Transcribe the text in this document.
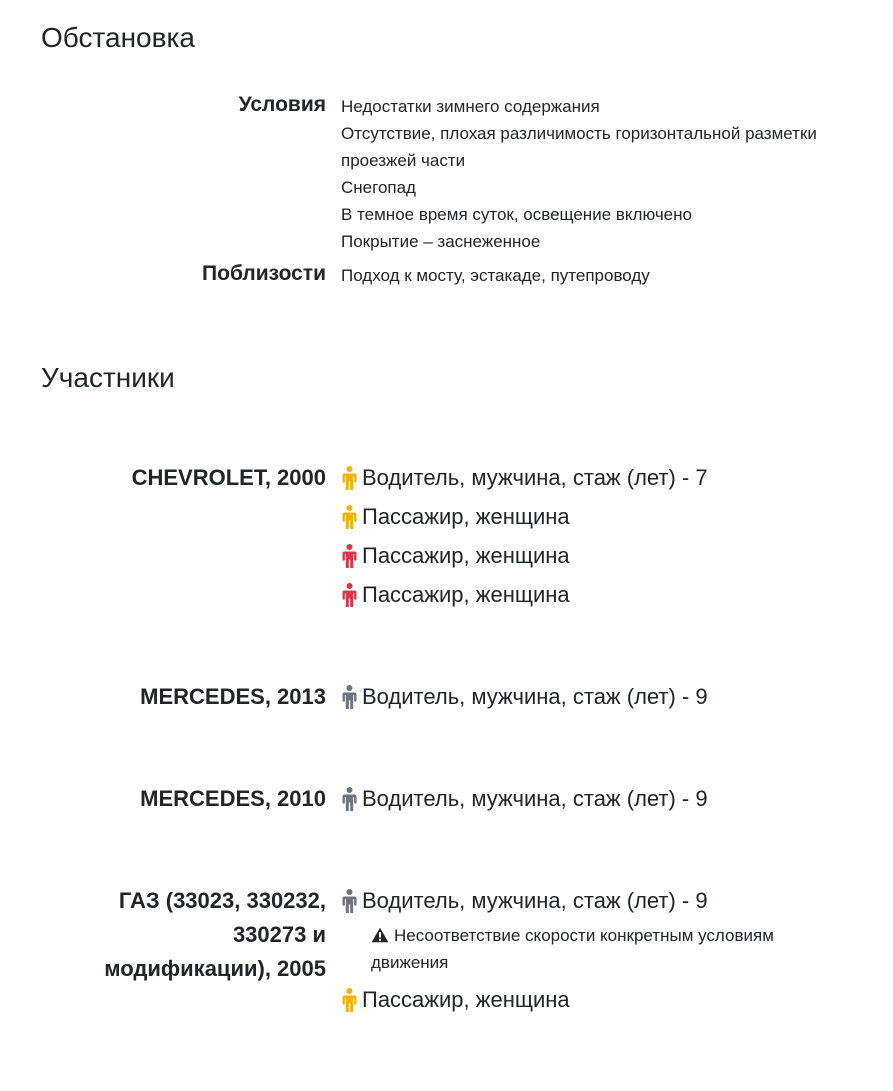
Обстановка
Условия Недостатки зимнего содержания
Отсутствие, плохая различимость горизонтальной разметки
проезжей части
Снегопад
В темное время суток, освещение включено
Покрытие – заснеженное
Поблизости Подход к мосту, эстакаде, путепроводу
Участники
CHEVROLET, 2000 Водитель, мужчина, стаж (лет) - 7
Пассажир, женщина
Пассажир, женщина
Пассажир, женщина
MERCEDES, 2013 Водитель, мужчина, стаж (лет) - 9
MERCEDES, 2010 Водитель, мужчина, стаж (лет) - 9
ГАЗ (33023, 330232,
330273 и
модификации), 2005
Водитель, мужчина, стаж (лет) - 9
Несоответствие скорости конкретным условиям движения
Пассажир, женщина
